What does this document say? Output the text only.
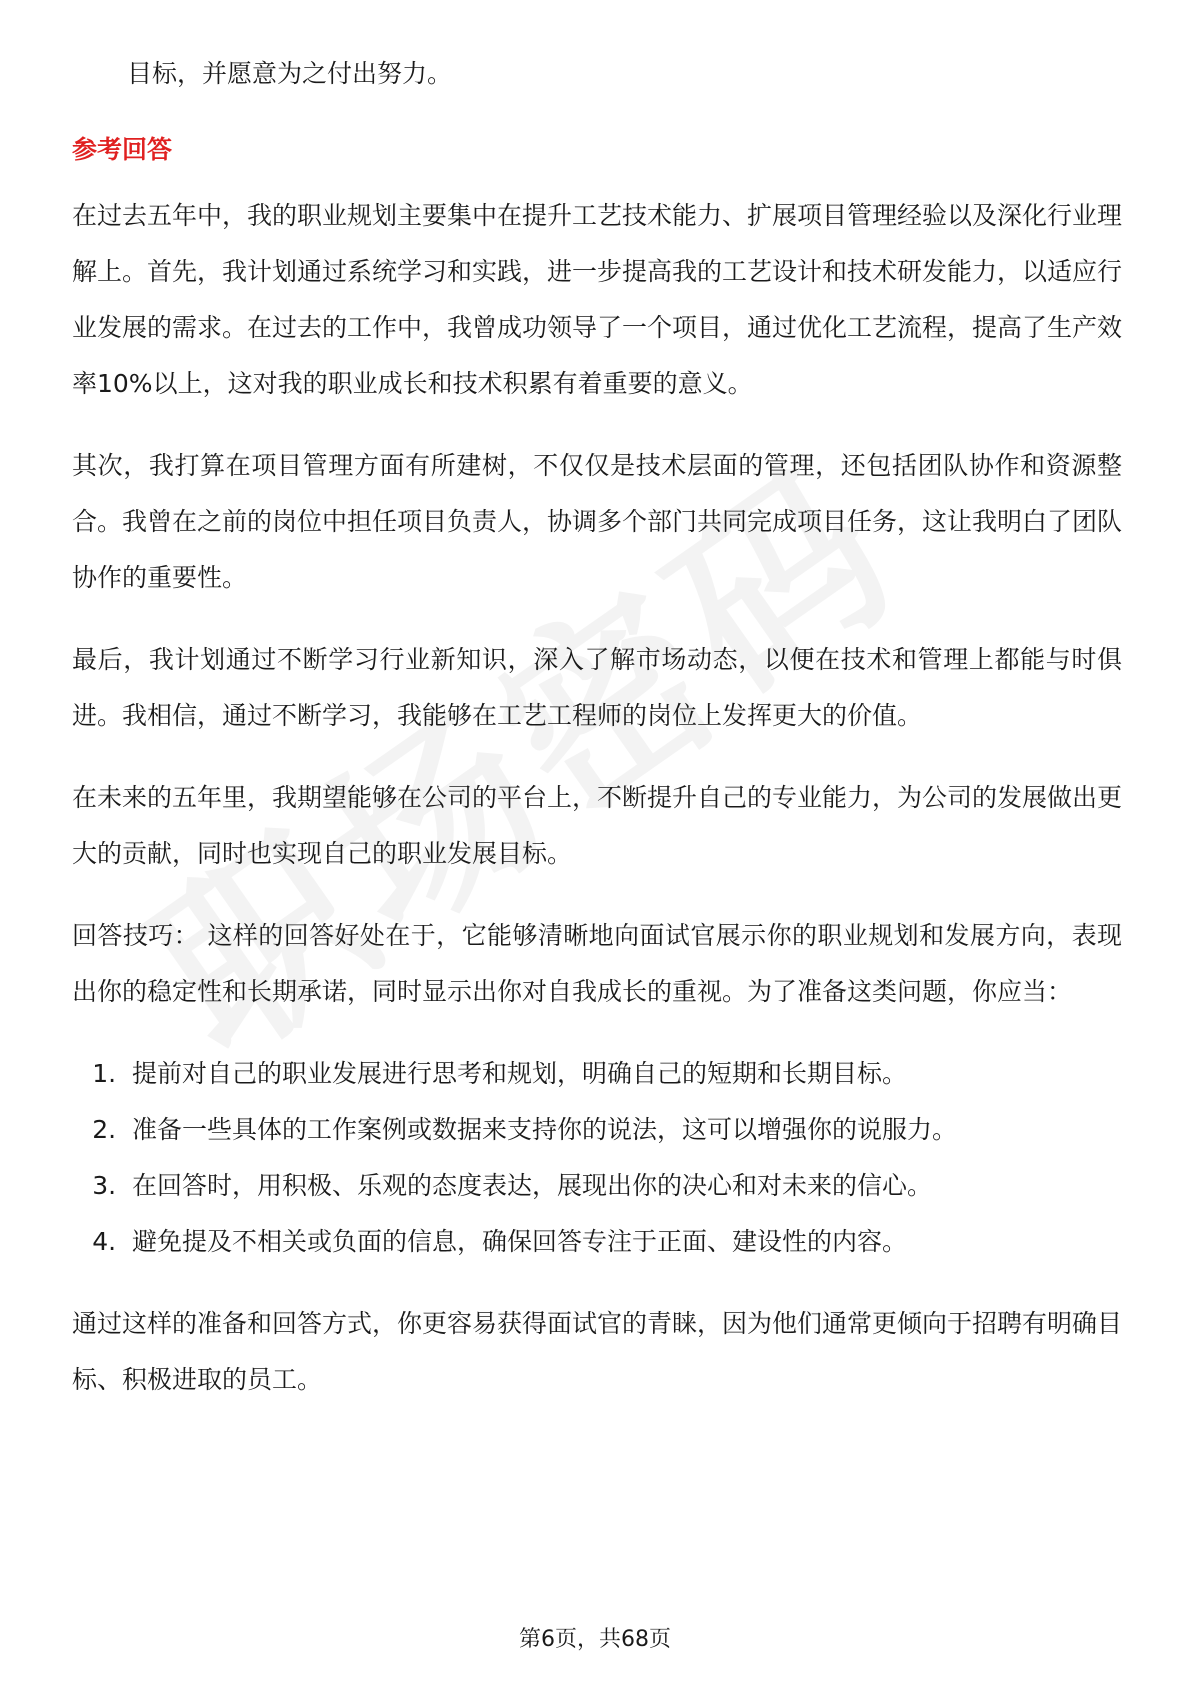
目标，并愿意为之付出努力。

参考回答

在过去五年中，我的职业规划主要集中在提升工艺技术能力、扩展项目管理经验以及深化行业理解上。首先，我计划通过系统学习和实践，进一步提高我的工艺设计和技术研发能力，以适应行业发展的需求。在过去的工作中，我曾成功领导了一个项目，通过优化工艺流程，提高了生产效率10%以上，这对我的职业成长和技术积累有着重要的意义。

其次，我打算在项目管理方面有所建树，不仅仅是技术层面的管理，还包括团队协作和资源整合。我曾在之前的岗位中担任项目负责人，协调多个部门共同完成项目任务，这让我明白了团队协作的重要性。

最后，我计划通过不断学习行业新知识，深入了解市场动态，以便在技术和管理上都能与时俱进。我相信，通过不断学习，我能够在工艺工程师的岗位上发挥更大的价值。

在未来的五年里，我期望能够在公司的平台上，不断提升自己的专业能力，为公司的发展做出更大的贡献，同时也实现自己的职业发展目标。

回答技巧： 这样的回答好处在于，它能够清晰地向面试官展示你的职业规划和发展方向，表现出你的稳定性和长期承诺，同时显示出你对自我成长的重视。为了准备这类问题，你应当：

1. 提前对自己的职业发展进行思考和规划，明确自己的短期和长期目标。
2. 准备一些具体的工作案例或数据来支持你的说法，这可以增强你的说服力。
3. 在回答时，用积极、乐观的态度表达，展现出你的决心和对未来的信心。
4. 避免提及不相关或负面的信息，确保回答专注于正面、建设性的内容。

通过这样的准备和回答方式，你更容易获得面试官的青睐，因为他们通常更倾向于招聘有明确目标、积极进取的员工。

第6页，共68页
